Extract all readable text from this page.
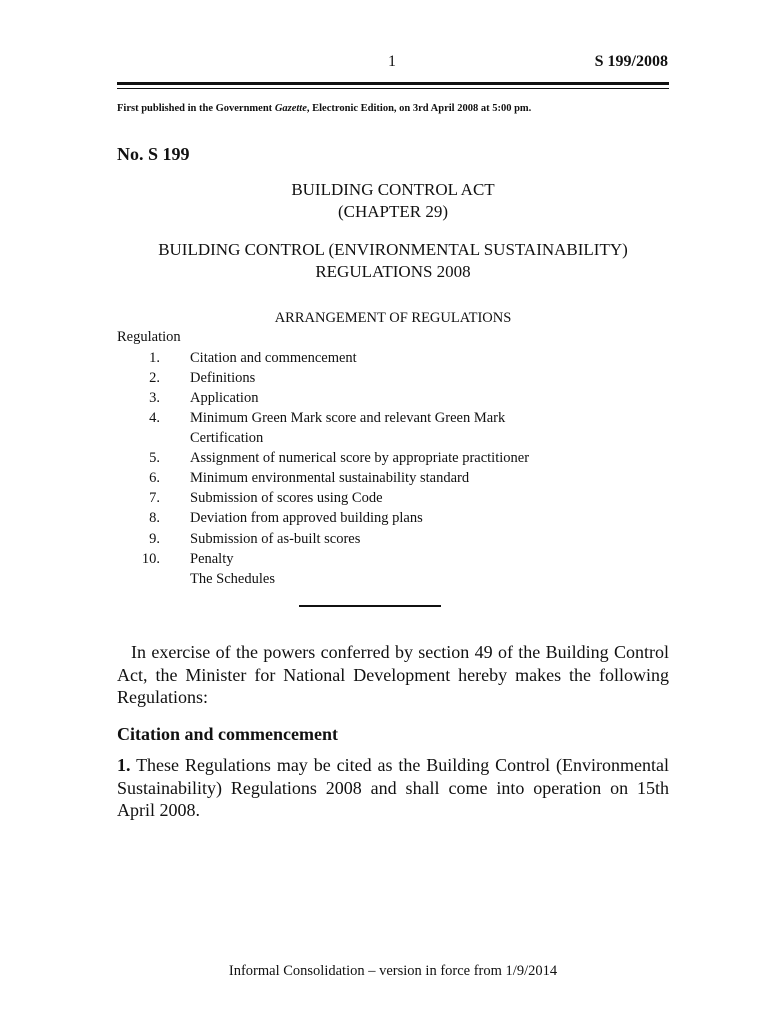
1	S 199/2008
First published in the Government Gazette, Electronic Edition, on 3rd April 2008 at 5:00 pm.
No. S 199
BUILDING CONTROL ACT
(CHAPTER 29)
BUILDING CONTROL (ENVIRONMENTAL SUSTAINABILITY)
REGULATIONS 2008
ARRANGEMENT OF REGULATIONS
Regulation
1. Citation and commencement
2. Definitions
3. Application
4. Minimum Green Mark score and relevant Green Mark
Certification
5. Assignment of numerical score by appropriate practitioner
6. Minimum environmental sustainability standard
7. Submission of scores using Code
8. Deviation from approved building plans
9. Submission of as-built scores
10. Penalty
The Schedules
In exercise of the powers conferred by section 49 of the Building Control Act, the Minister for National Development hereby makes the following Regulations:
Citation and commencement
1. These Regulations may be cited as the Building Control (Environmental Sustainability) Regulations 2008 and shall come into operation on 15th April 2008.
Informal Consolidation – version in force from 1/9/2014
